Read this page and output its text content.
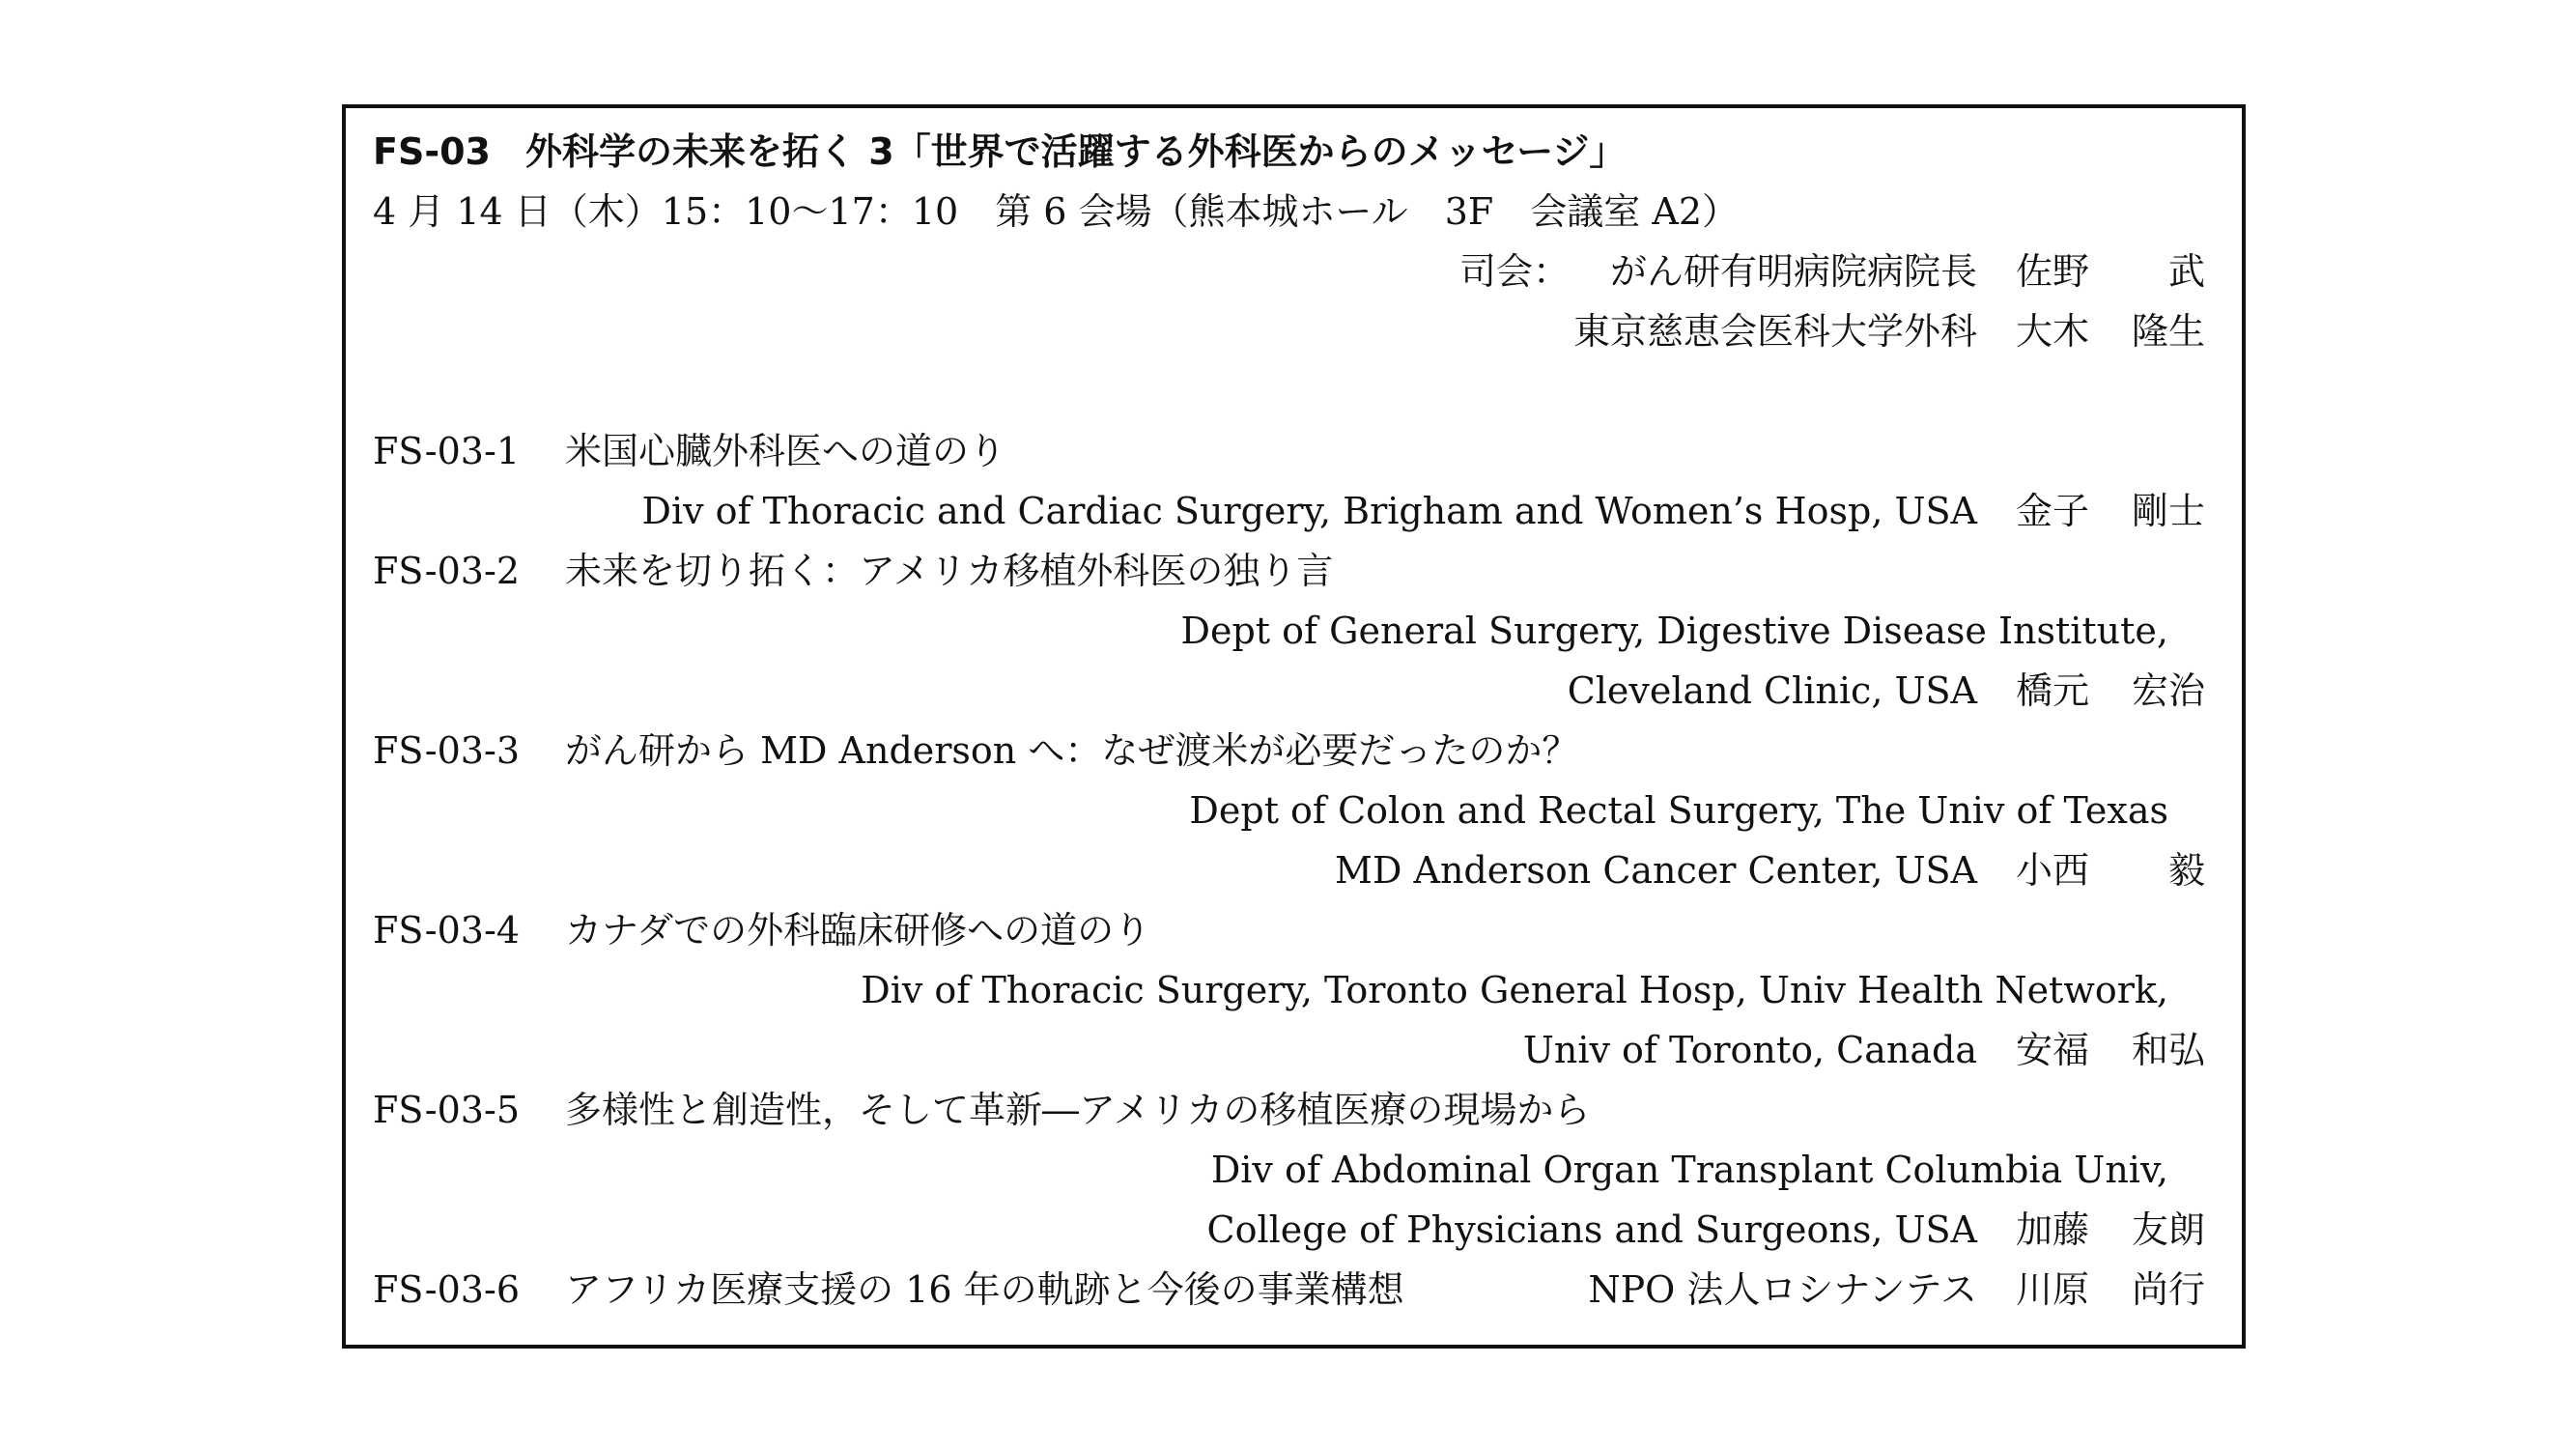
FS-03 外科学の未来を拓く 3「世界で活躍する外科医からのメッセージ」
4 月 14 日（木）15：10～17：10　第 6 会場（熊本城ホール　3F　会議室 A2）
司会： がん研有明病院病院長 佐野 武
東京慈恵会医科大学外科 大木 隆生
FS-03-1 米国心臓外科医への道のり
Div of Thoracic and Cardiac Surgery, Brigham and Women’s Hosp, USA 金子 剛士
FS-03-2 未来を切り拓く：アメリカ移植外科医の独り言
Dept of General Surgery, Digestive Disease Institute,
Cleveland Clinic, USA 橋元 宏治
FS-03-3 がん研から MD Anderson へ：なぜ渡米が必要だったのか？
Dept of Colon and Rectal Surgery, The Univ of Texas
MD Anderson Cancer Center, USA 小西 毅
FS-03-4 カナダでの外科臨床研修への道のり
Div of Thoracic Surgery, Toronto General Hosp, Univ Health Network,
Univ of Toronto, Canada 安福 和弘
FS-03-5 多様性と創造性，そして革新―アメリカの移植医療の現場から
Div of Abdominal Organ Transplant Columbia Univ,
College of Physicians and Surgeons, USA 加藤 友朗
FS-03-6 アフリカ医療支援の 16 年の軌跡と今後の事業構想	NPO 法人ロシナンテス 川原 尚行
